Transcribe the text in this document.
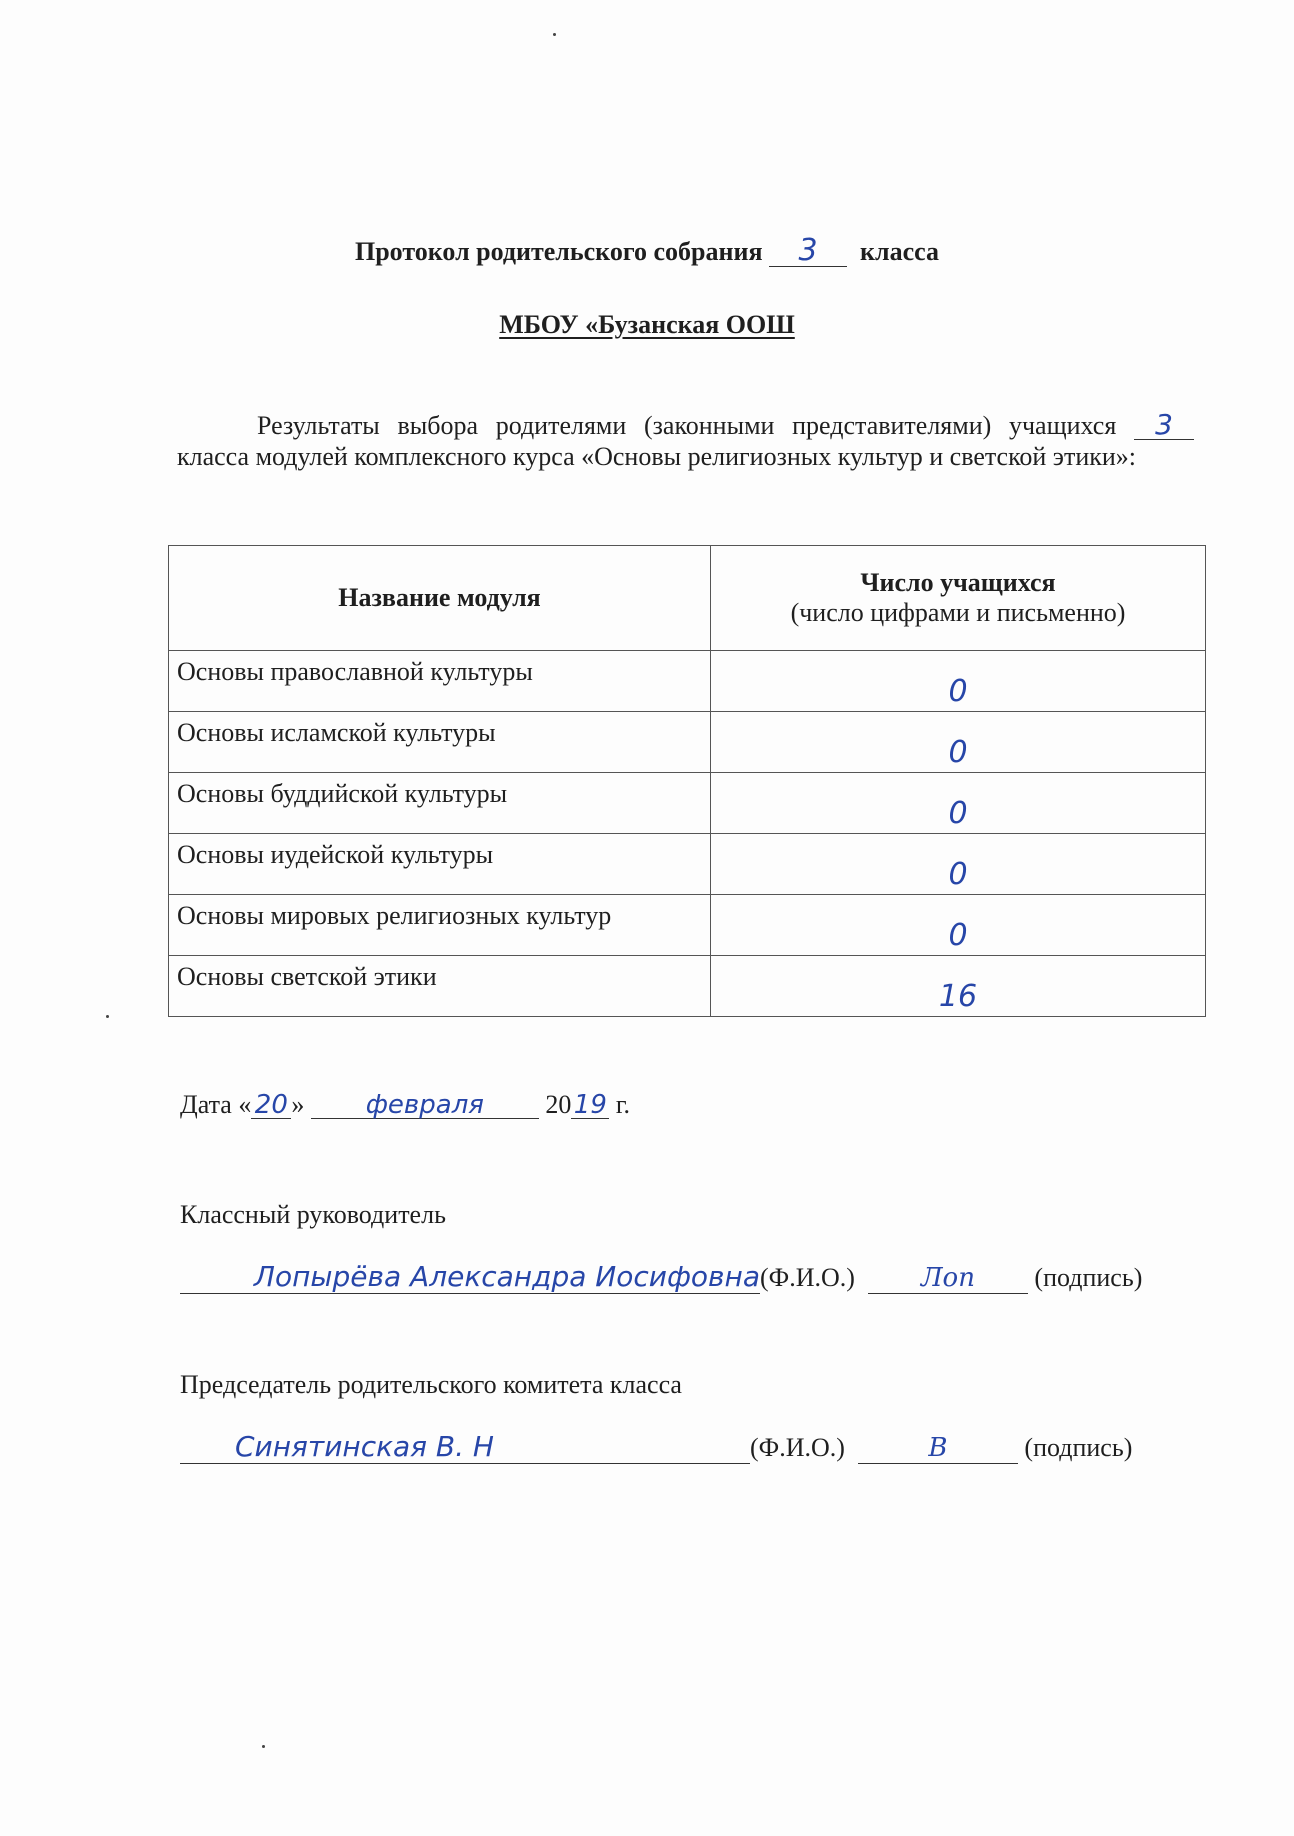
Протокол родительского собрания 3 класса
МБОУ «Бузанская ООШ
Результаты выбора родителями (законными представителями) учащихся 3 класса модулей комплексного курса «Основы религиозных культур и светской этики»:
Название модуля	Число учащихся
(число цифрами и письменно)
Основы православной культуры	0
Основы исламской культуры	0
Основы буддийской культуры	0
Основы иудейской культуры	0
Основы мировых религиозных культур	0
Основы светской этики	16
Дата « 20 » февраля 2019 г.
Классный руководитель
Лопырёва Александра Иосифовна(Ф.И.О.)	Лоп (подпись)
Председатель родительского комитета класса
Синятинская В. Н	(Ф.И.О.)	В	(подпись)
